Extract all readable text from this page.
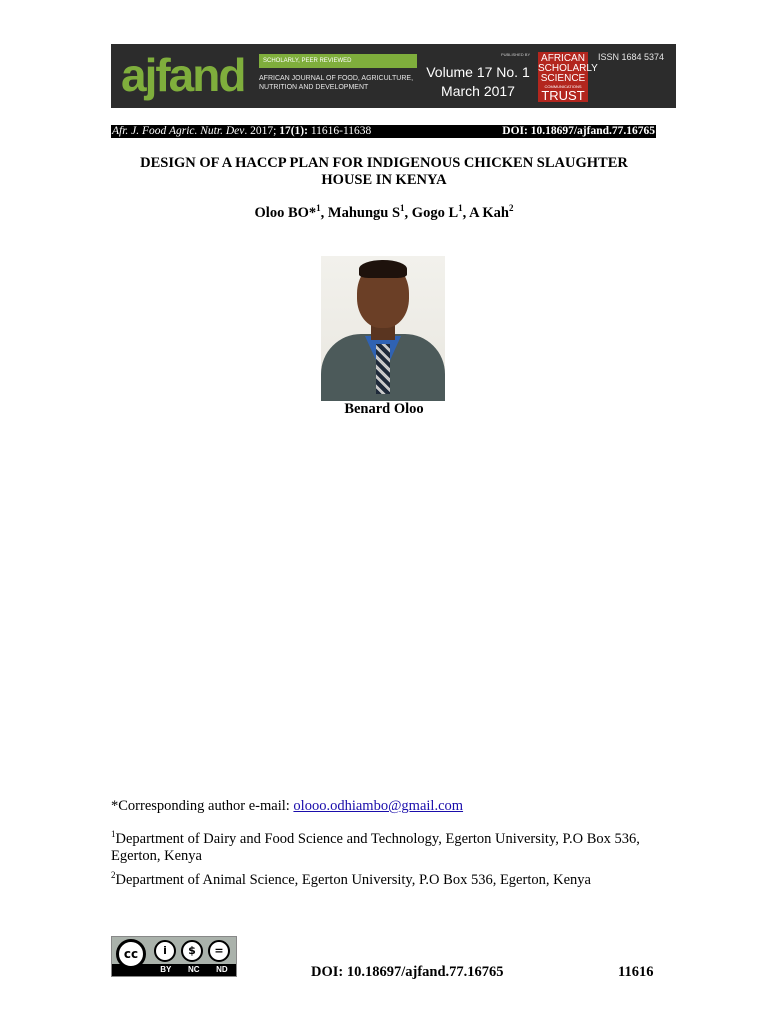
ajfand	SCHOLARLY, PEER REVIEWED
AFRICAN JOURNAL OF FOOD, AGRICULTURE, NUTRITION AND DEVELOPMENT
Volume 17 No. 1
March 2017
PUBLISHED BY	AFRICAN
SCHOLARLY
SCIENCE
COMMUNICATIONS
TRUST
ISSN 1684 5374
Afr. J. Food Agric. Nutr. Dev. 2017; 17(1): 11616-11638	DOI: 10.18697/ajfand.77.16765
DESIGN OF A HACCP PLAN FOR INDIGENOUS CHICKEN SLAUGHTER
HOUSE IN KENYA
Oloo BO*$^1$, Mahungu $S^1$, Gogo $L^1$, A Kah$^2$
Benard Oloo
*Corresponding author e-mail: olooo.odhiambo@gmail.com
$^1$Department of Dairy and Food Science and Technology, Egerton University, P.O Box 536, Egerton, Kenya
$^2$Department of Animal Science, Egerton University, P.O Box 536, Egerton, Kenya
cc	i	$	=
BY NC ND	DOI: 10.18697/ajfand.77.16765	11616
